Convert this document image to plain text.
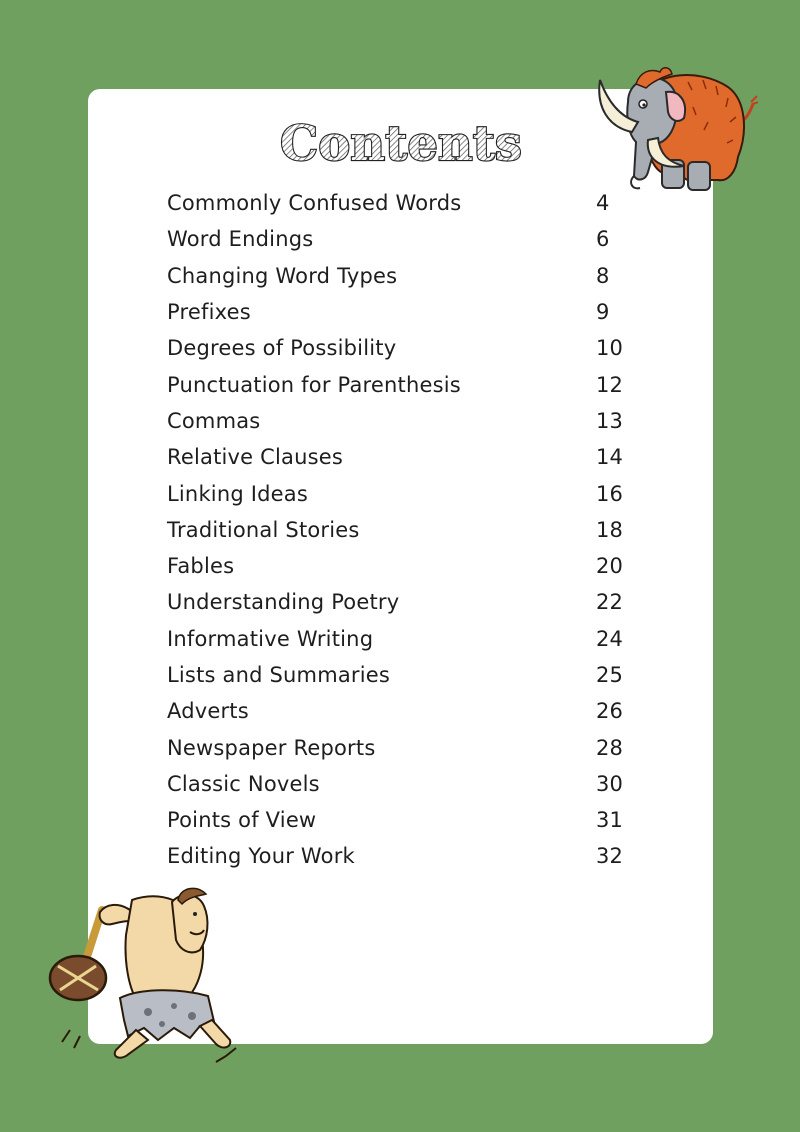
Contents
Commonly Confused Words	4
Word Endings	6
Changing Word Types	8
Prefixes	9
Degrees of Possibility	10
Punctuation for Parenthesis	12
Commas	13
Relative Clauses	14
Linking Ideas	16
Traditional Stories	18
Fables	20
Understanding Poetry	22
Informative Writing	24
Lists and Summaries	25
Adverts	26
Newspaper Reports	28
Classic Novels	30
Points of View	31
Editing Your Work	32
